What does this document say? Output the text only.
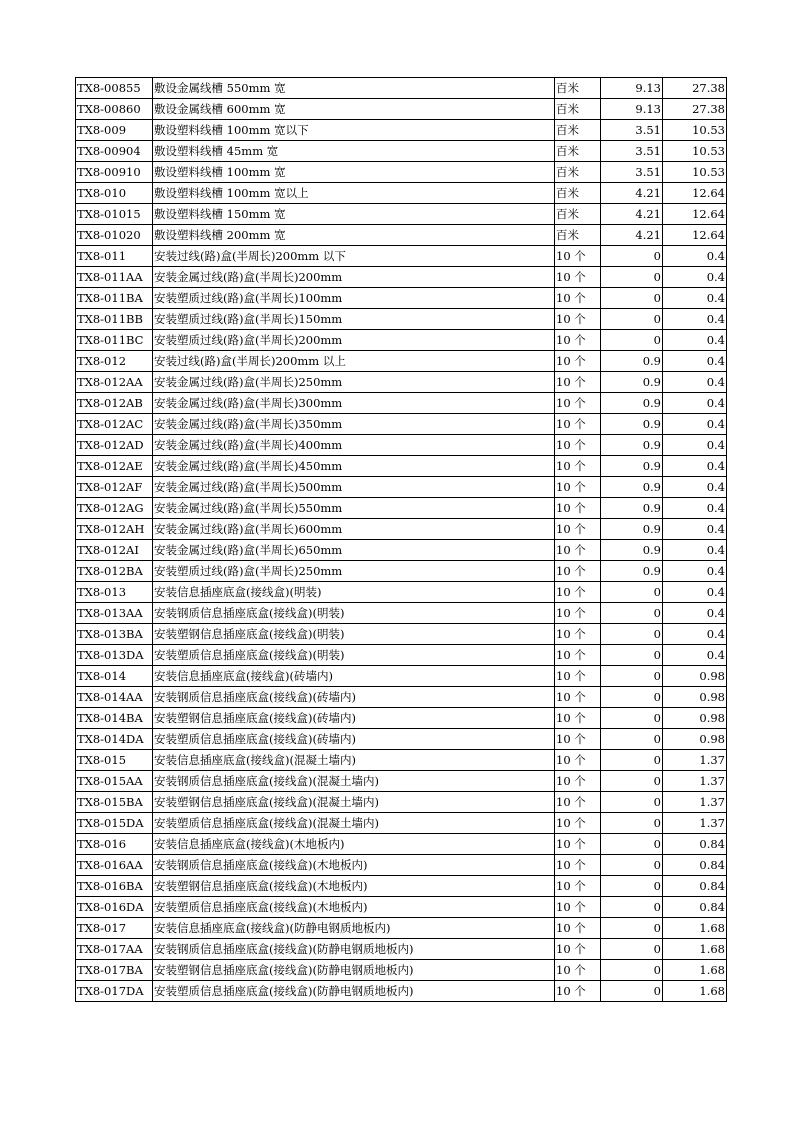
TX8-00855	敷设金属线槽 550mm 宽	百米	9.13	27.38
TX8-00860	敷设金属线槽 600mm 宽	百米	9.13	27.38
TX8-009	敷设塑料线槽 100mm 宽以下	百米	3.51	10.53
TX8-00904	敷设塑料线槽 45mm 宽	百米	3.51	10.53
TX8-00910	敷设塑料线槽 100mm 宽	百米	3.51	10.53
TX8-010	敷设塑料线槽 100mm 宽以上	百米	4.21	12.64
TX8-01015	敷设塑料线槽 150mm 宽	百米	4.21	12.64
TX8-01020	敷设塑料线槽 200mm 宽	百米	4.21	12.64
TX8-011	安装过线(路)盒(半周长)200mm 以下	10 个	0	0.4
TX8-011AA	安装金属过线(路)盒(半周长)200mm	10 个	0	0.4
TX8-011BA	安装塑质过线(路)盒(半周长)100mm	10 个	0	0.4
TX8-011BB	安装塑质过线(路)盒(半周长)150mm	10 个	0	0.4
TX8-011BC	安装塑质过线(路)盒(半周长)200mm	10 个	0	0.4
TX8-012	安装过线(路)盒(半周长)200mm 以上	10 个	0.9	0.4
TX8-012AA	安装金属过线(路)盒(半周长)250mm	10 个	0.9	0.4
TX8-012AB	安装金属过线(路)盒(半周长)300mm	10 个	0.9	0.4
TX8-012AC	安装金属过线(路)盒(半周长)350mm	10 个	0.9	0.4
TX8-012AD	安装金属过线(路)盒(半周长)400mm	10 个	0.9	0.4
TX8-012AE	安装金属过线(路)盒(半周长)450mm	10 个	0.9	0.4
TX8-012AF	安装金属过线(路)盒(半周长)500mm	10 个	0.9	0.4
TX8-012AG	安装金属过线(路)盒(半周长)550mm	10 个	0.9	0.4
TX8-012AH	安装金属过线(路)盒(半周长)600mm	10 个	0.9	0.4
TX8-012AI	安装金属过线(路)盒(半周长)650mm	10 个	0.9	0.4
TX8-012BA	安装塑质过线(路)盒(半周长)250mm	10 个	0.9	0.4
TX8-013	安装信息插座底盒(接线盒)(明装)	10 个	0	0.4
TX8-013AA	安装钢质信息插座底盒(接线盒)(明装)	10 个	0	0.4
TX8-013BA	安装塑钢信息插座底盒(接线盒)(明装)	10 个	0	0.4
TX8-013DA	安装塑质信息插座底盒(接线盒)(明装)	10 个	0	0.4
TX8-014	安装信息插座底盒(接线盒)(砖墙内)	10 个	0	0.98
TX8-014AA	安装钢质信息插座底盒(接线盒)(砖墙内)	10 个	0	0.98
TX8-014BA	安装塑钢信息插座底盒(接线盒)(砖墙内)	10 个	0	0.98
TX8-014DA	安装塑质信息插座底盒(接线盒)(砖墙内)	10 个	0	0.98
TX8-015	安装信息插座底盒(接线盒)(混凝土墙内)	10 个	0	1.37
TX8-015AA	安装钢质信息插座底盒(接线盒)(混凝土墙内)	10 个	0	1.37
TX8-015BA	安装塑钢信息插座底盒(接线盒)(混凝土墙内)	10 个	0	1.37
TX8-015DA	安装塑质信息插座底盒(接线盒)(混凝土墙内)	10 个	0	1.37
TX8-016	安装信息插座底盒(接线盒)(木地板内)	10 个	0	0.84
TX8-016AA	安装钢质信息插座底盒(接线盒)(木地板内)	10 个	0	0.84
TX8-016BA	安装塑钢信息插座底盒(接线盒)(木地板内)	10 个	0	0.84
TX8-016DA	安装塑质信息插座底盒(接线盒)(木地板内)	10 个	0	0.84
TX8-017	安装信息插座底盒(接线盒)(防静电钢质地板内)	10 个	0	1.68
TX8-017AA	安装钢质信息插座底盒(接线盒)(防静电钢质地板内)	10 个	0	1.68
TX8-017BA	安装塑钢信息插座底盒(接线盒)(防静电钢质地板内)	10 个	0	1.68
TX8-017DA	安装塑质信息插座底盒(接线盒)(防静电钢质地板内)	10 个	0	1.68
